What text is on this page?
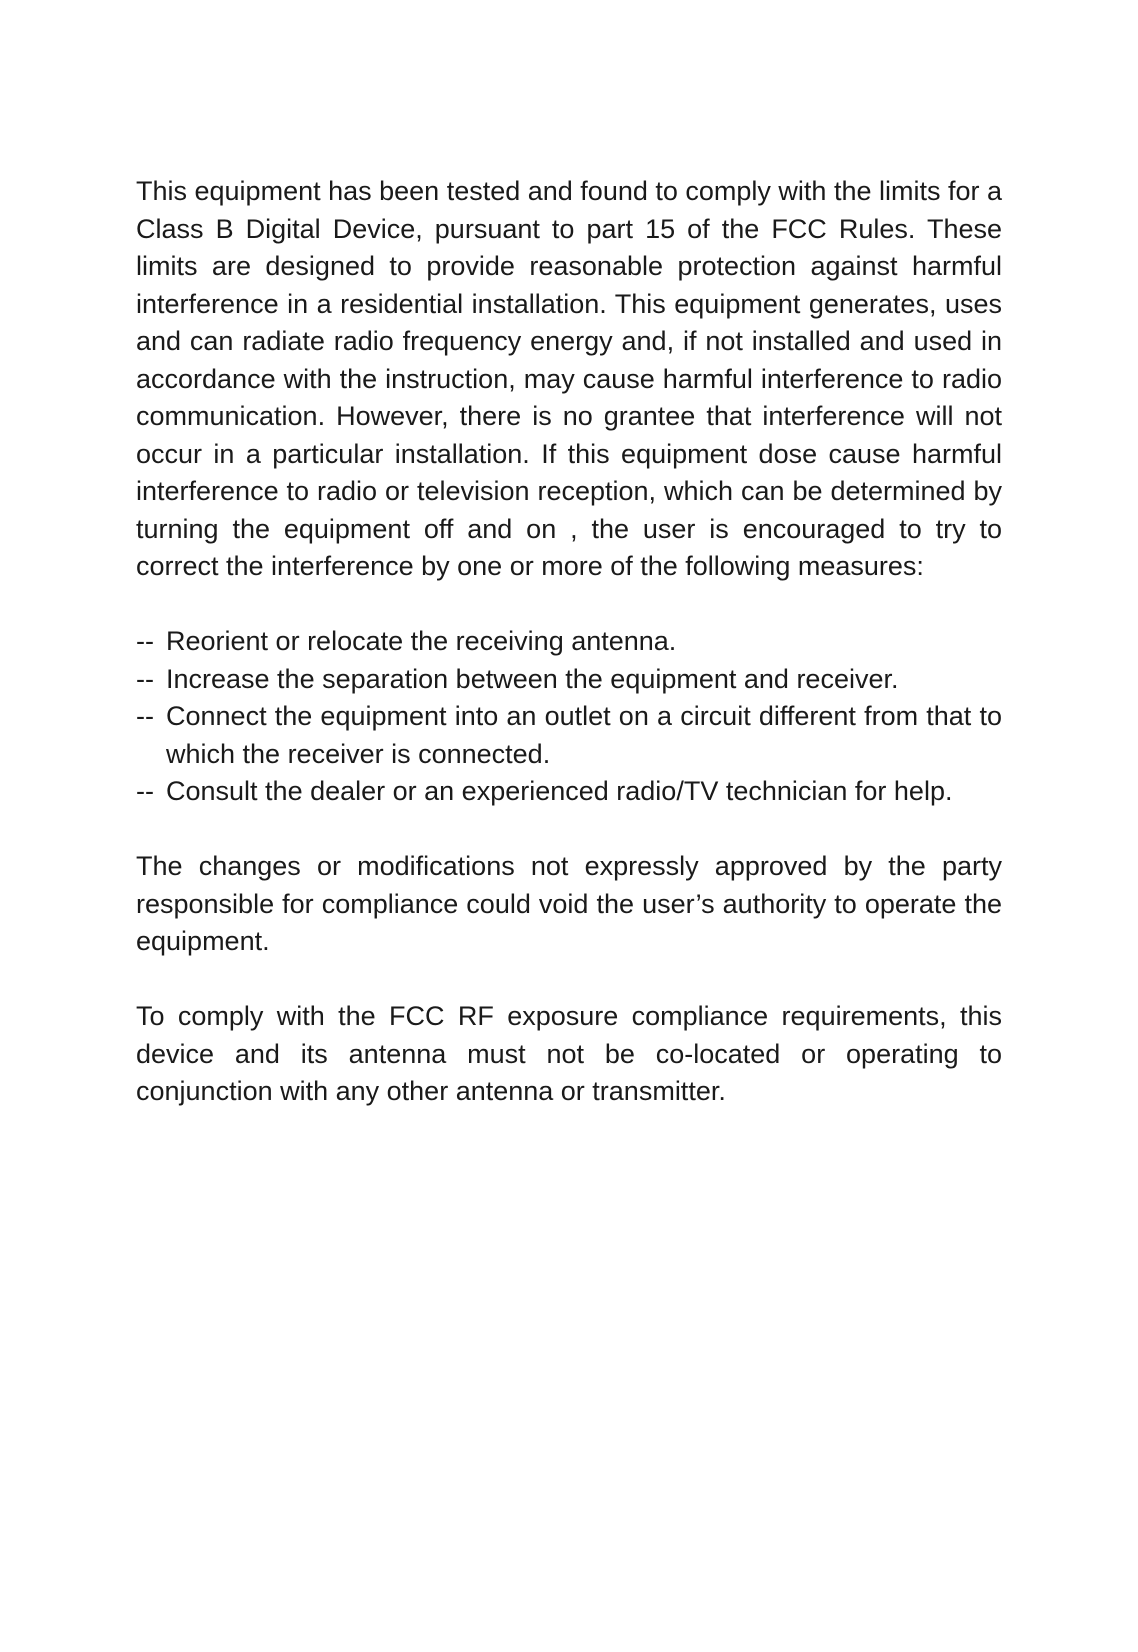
This equipment has been tested and found to comply with the limits for a Class B Digital Device, pursuant to part 15 of the FCC Rules. These limits are designed to provide reasonable protection against harmful interference in a residential installation. This equipment generates, uses and can radiate radio frequency energy and, if not installed and used in accordance with the instruction, may cause harmful interference to radio communication. However, there is no grantee that interference will not occur in a particular installation. If this equipment dose cause harmful interference to radio or television reception, which can be determined by turning the equipment off and on , the user is encouraged to try to correct the interference by one or more of the following measures:

-- Reorient or relocate the receiving antenna.
-- Increase the separation between the equipment and receiver.
-- Connect the equipment into an outlet on a circuit different from that to which the receiver is connected.
-- Consult the dealer or an experienced radio/TV technician for help.

The changes or modifications not expressly approved by the party responsible for compliance could void the user’s authority to operate the equipment.

To comply with the FCC RF exposure compliance requirements, this device and its antenna must not be co-located or operating to conjunction with any other antenna or transmitter.
